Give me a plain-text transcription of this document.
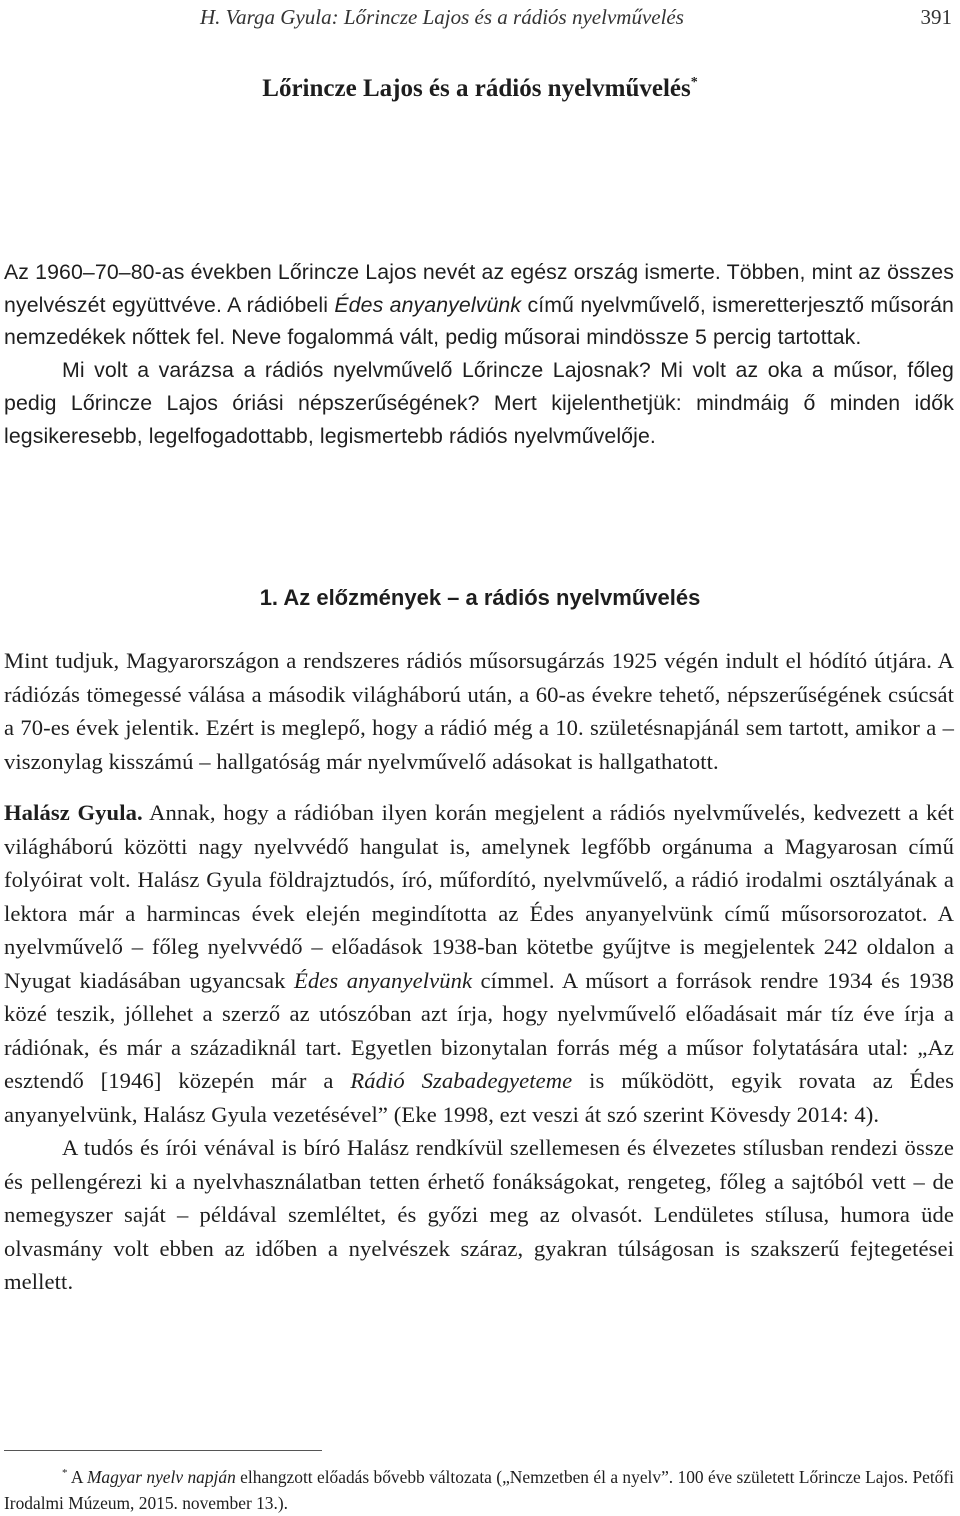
H. Varga Gyula: Lőrincze Lajos és a rádiós nyelvművelés	391
Lőrincze Lajos és a rádiós nyelvművelés*

Az 1960–70–80-as években Lőrincze Lajos nevét az egész ország ismerte. Többen, mint az összes nyelvészét együttvéve. A rádióbeli Édes anyanyelvünk című nyelvművelő, ismeretterjesztő műsorán nemzedékek nőttek fel. Neve fogalommá vált, pedig műsorai mindössze 5 percig tartottak.

Mi volt a varázsa a rádiós nyelvművelő Lőrincze Lajosnak? Mi volt az oka a műsor, főleg pedig Lőrincze Lajos óriási népszerűségének? Mert kijelenthetjük: mindmáig ő minden idők legsikeresebb, legelfogadottabb, legismertebb rádiós nyelvművelője.

1. Az előzmények – a rádiós nyelvművelés

Mint tudjuk, Magyarországon a rendszeres rádiós műsorsugárzás 1925 végén indult el hódító útjára. A rádiózás tömegessé válása a második világháború után, a 60-as évekre tehető, népszerűségének csúcsát a 70-es évek jelentik. Ezért is meglepő, hogy a rádió még a 10. születésnapjánál sem tartott, amikor a – viszonylag kisszámú – hallgatóság már nyelvművelő adásokat is hallgathatott.

Halász Gyula. Annak, hogy a rádióban ilyen korán megjelent a rádiós nyelvművelés, kedvezett a két világháború közötti nagy nyelvvédő hangulat is, amelynek legfőbb orgánuma a Magyarosan című folyóirat volt. Halász Gyula földrajztudós, író, műfordító, nyelvművelő, a rádió irodalmi osztályának a lektora már a harmincas évek elején megindította az Édes anyanyelvünk című műsorsorozatot. A nyelvművelő – főleg nyelvvédő – előadások 1938-ban kötetbe gyűjtve is megjelentek 242 oldalon a Nyugat kiadásában ugyancsak Édes anyanyelvünk címmel. A műsort a források rendre 1934 és 1938 közé teszik, jóllehet a szerző az utószóban azt írja, hogy nyelvművelő előadásait már tíz éve írja a rádiónak, és már a századiknál tart. Egyetlen bizonytalan forrás még a műsor folytatására utal: „Az esztendő [1946] közepén már a Rádió Szabadegyeteme is működött, egyik rovata az Édes anyanyelvünk, Halász Gyula vezetésével” (Eke 1998, ezt veszi át szó szerint Kövesdy 2014: 4).

A tudós és írói vénával is bíró Halász rendkívül szellemesen és élvezetes stílusban rendezi össze és pellengérezi ki a nyelvhasználatban tetten érhető fonákságokat, rengeteg, főleg a sajtóból vett – de nemegyszer saját – példával szemléltet, és győzi meg az olvasót. Lendületes stílusa, humora üde olvasmány volt ebben az időben a nyelvészek száraz, gyakran túlságosan is szakszerű fejtegetései mellett.

* A Magyar nyelv napján elhangzott előadás bővebb változata („Nemzetben él a nyelv”. 100 éve született Lőrincze Lajos. Petőfi Irodalmi Múzeum, 2015. november 13.).
